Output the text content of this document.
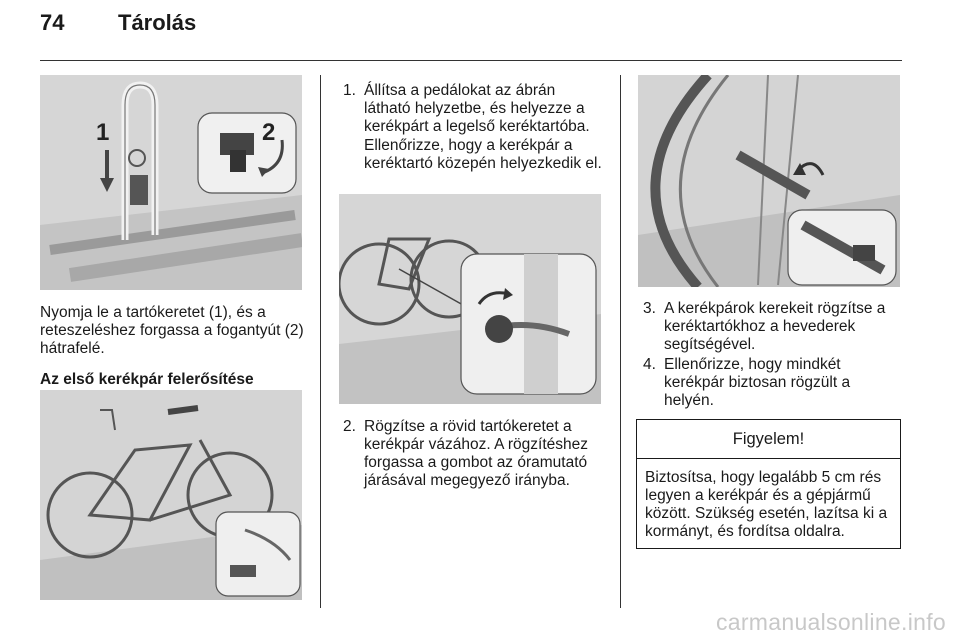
74 Tárolás
1	2
Nyomja le a tartókeretet (1), és a reteszeléshez forgassa a fogantyút (2) hátrafelé.
Az első kerékpár felerősítése
1. Állítsa a pedálokat az ábrán látható helyzetbe, és helyezze a kerékpárt a legelső keréktartóba.
Ellenőrizze, hogy a kerékpár a keréktartó közepén helyezkedik el.
2. Rögzítse a rövid tartókeretet a kerékpár vázához. A rögzítéshez forgassa a gombot az óramutató járásával megegyező irányba.
3. A kerékpárok kerekeit rögzítse a keréktartókhoz a hevederek segítségével.
4. Ellenőrizze, hogy mindkét kerékpár biztosan rögzült a helyén.
Figyelem!
Biztosítsa, hogy legalább 5 cm rés legyen a kerékpár és a gépjármű között. Szükség esetén, lazítsa ki a kormányt, és fordítsa oldalra.
carmanualsonline.info
